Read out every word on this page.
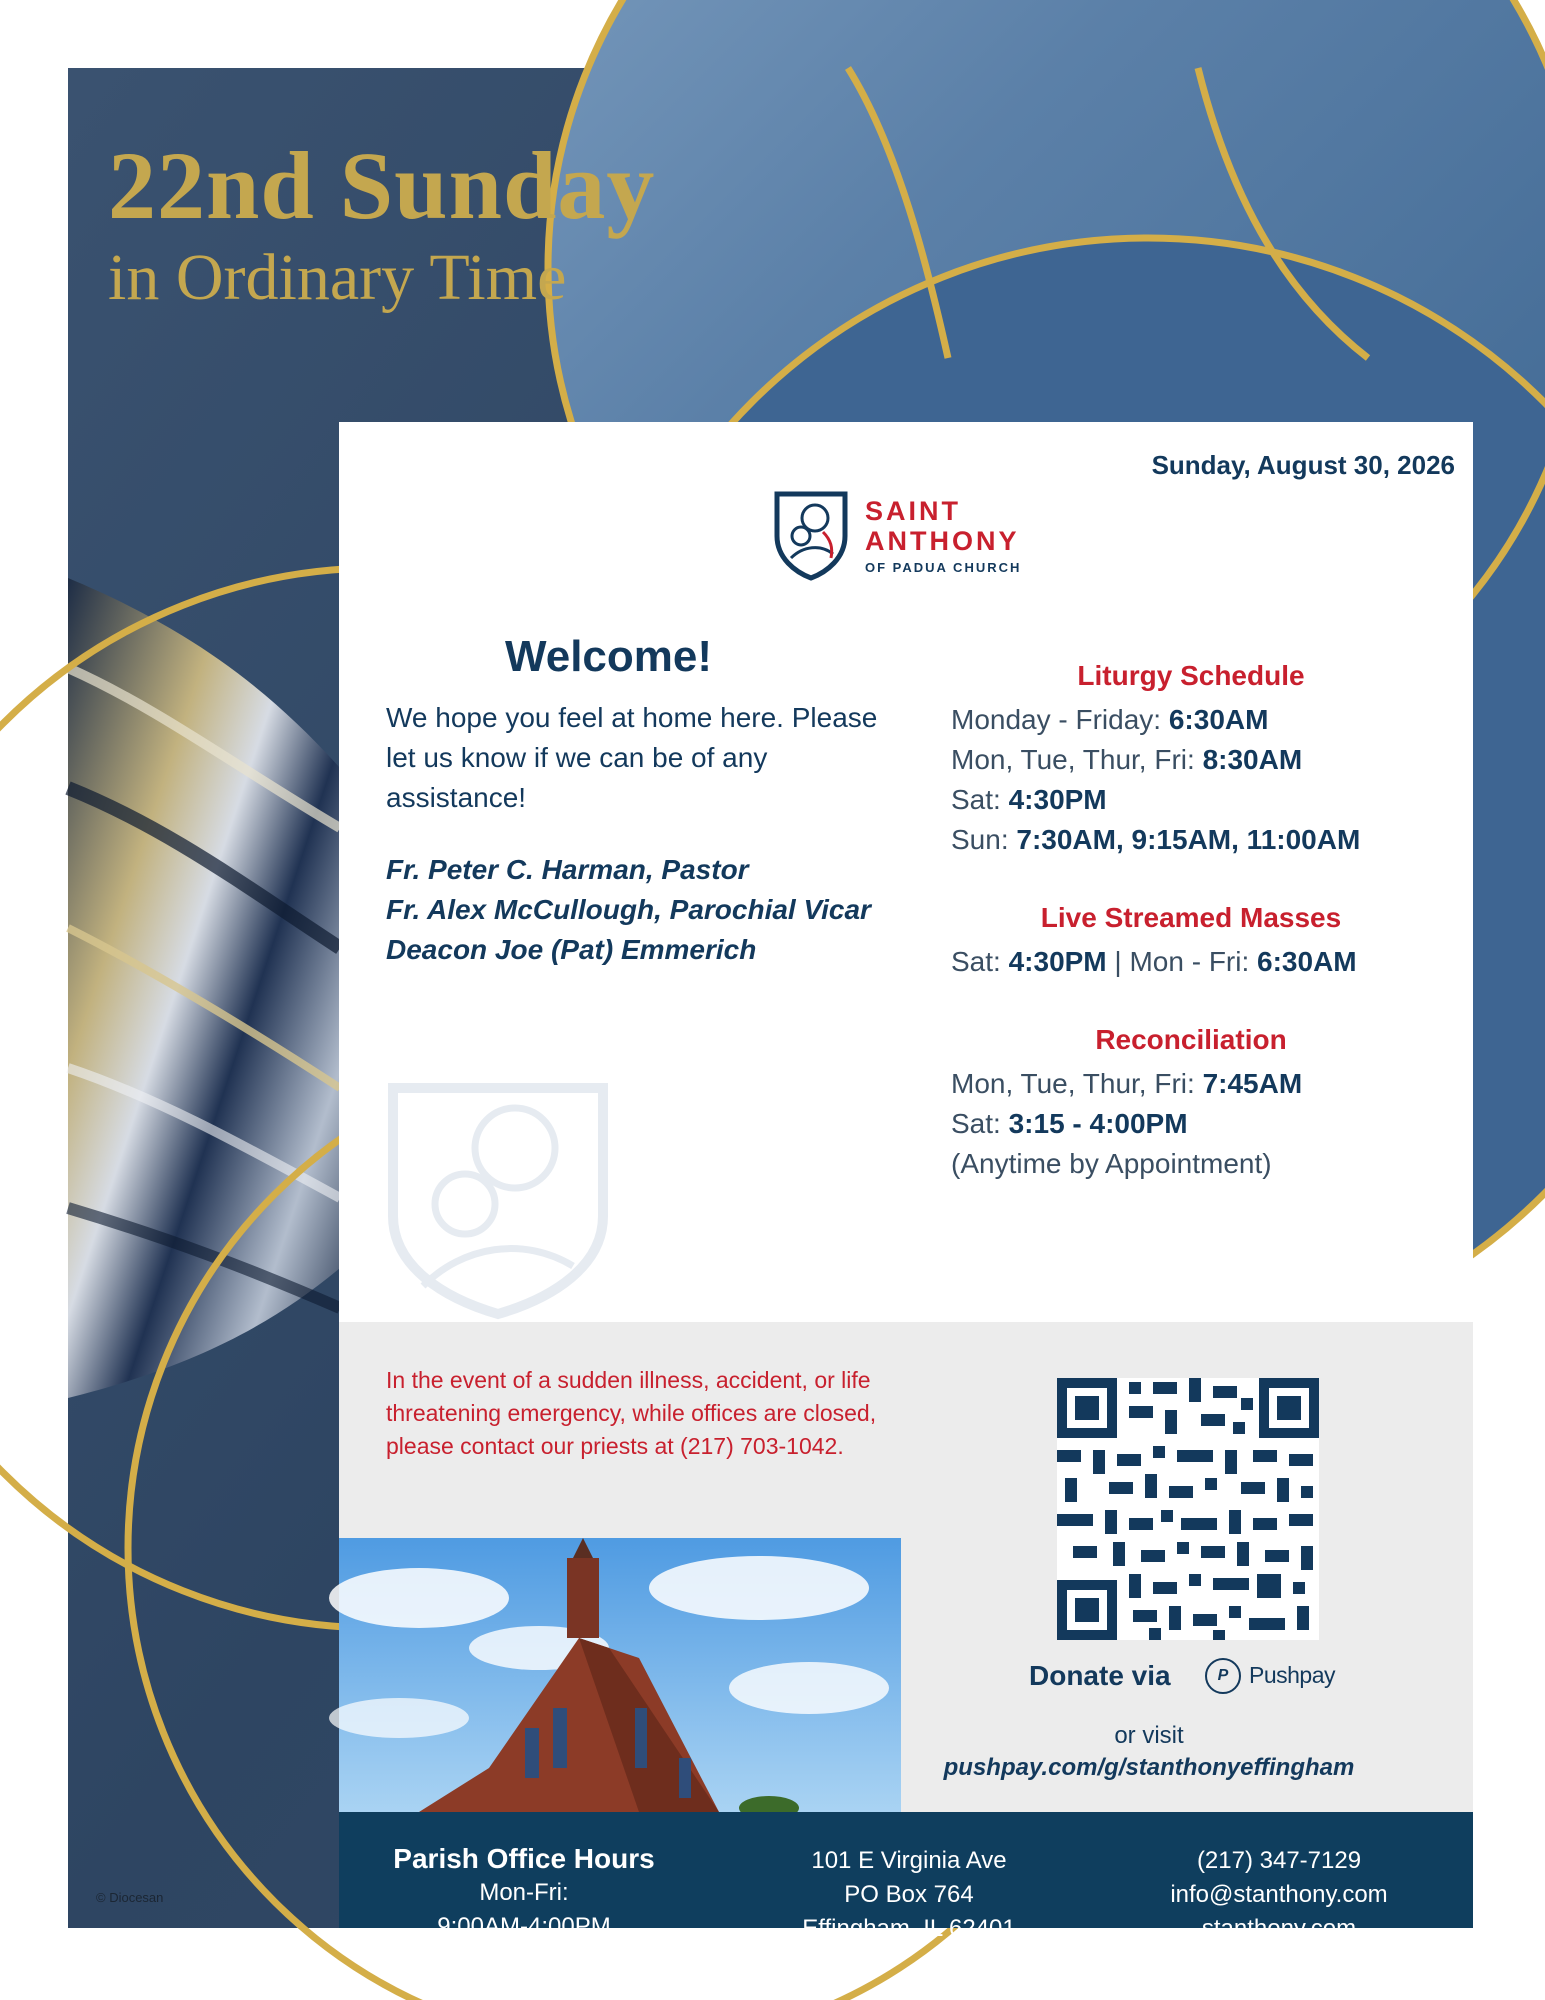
22nd Sunday
in Ordinary Time
© Diocesan
Sunday, August 30, 2026
SAINT
ANTHONY
OF PADUA CHURCH
Welcome!
We hope you feel at home here. Please let us know if we can be of any assistance!
Fr. Peter C. Harman, Pastor
Fr. Alex McCullough, Parochial Vicar
Deacon Joe (Pat) Emmerich
Liturgy Schedule
Monday - Friday: 6:30AM
Mon, Tue, Thur, Fri: 8:30AM
Sat: 4:30PM
Sun: 7:30AM, 9:15AM, 11:00AM
Live Streamed Masses
Sat: 4:30PM | Mon - Fri: 6:30AM
Reconciliation
Mon, Tue, Thur, Fri: 7:45AM
Sat: 3:15 - 4:00PM
(Anytime by Appointment)
In the event of a sudden illness, accident, or life threatening emergency, while offices are closed, please contact our priests at (217) 703-1042.
Donate via	P Pushpay
or visit
pushpay.com/g/stanthonyeffingham
Parish Office Hours
Mon-Fri:
9:00AM-4:00PM
101 E Virginia Ave
PO Box 764
Effingham, IL 62401
(217) 347-7129
info@stanthony.com
stanthony.com
